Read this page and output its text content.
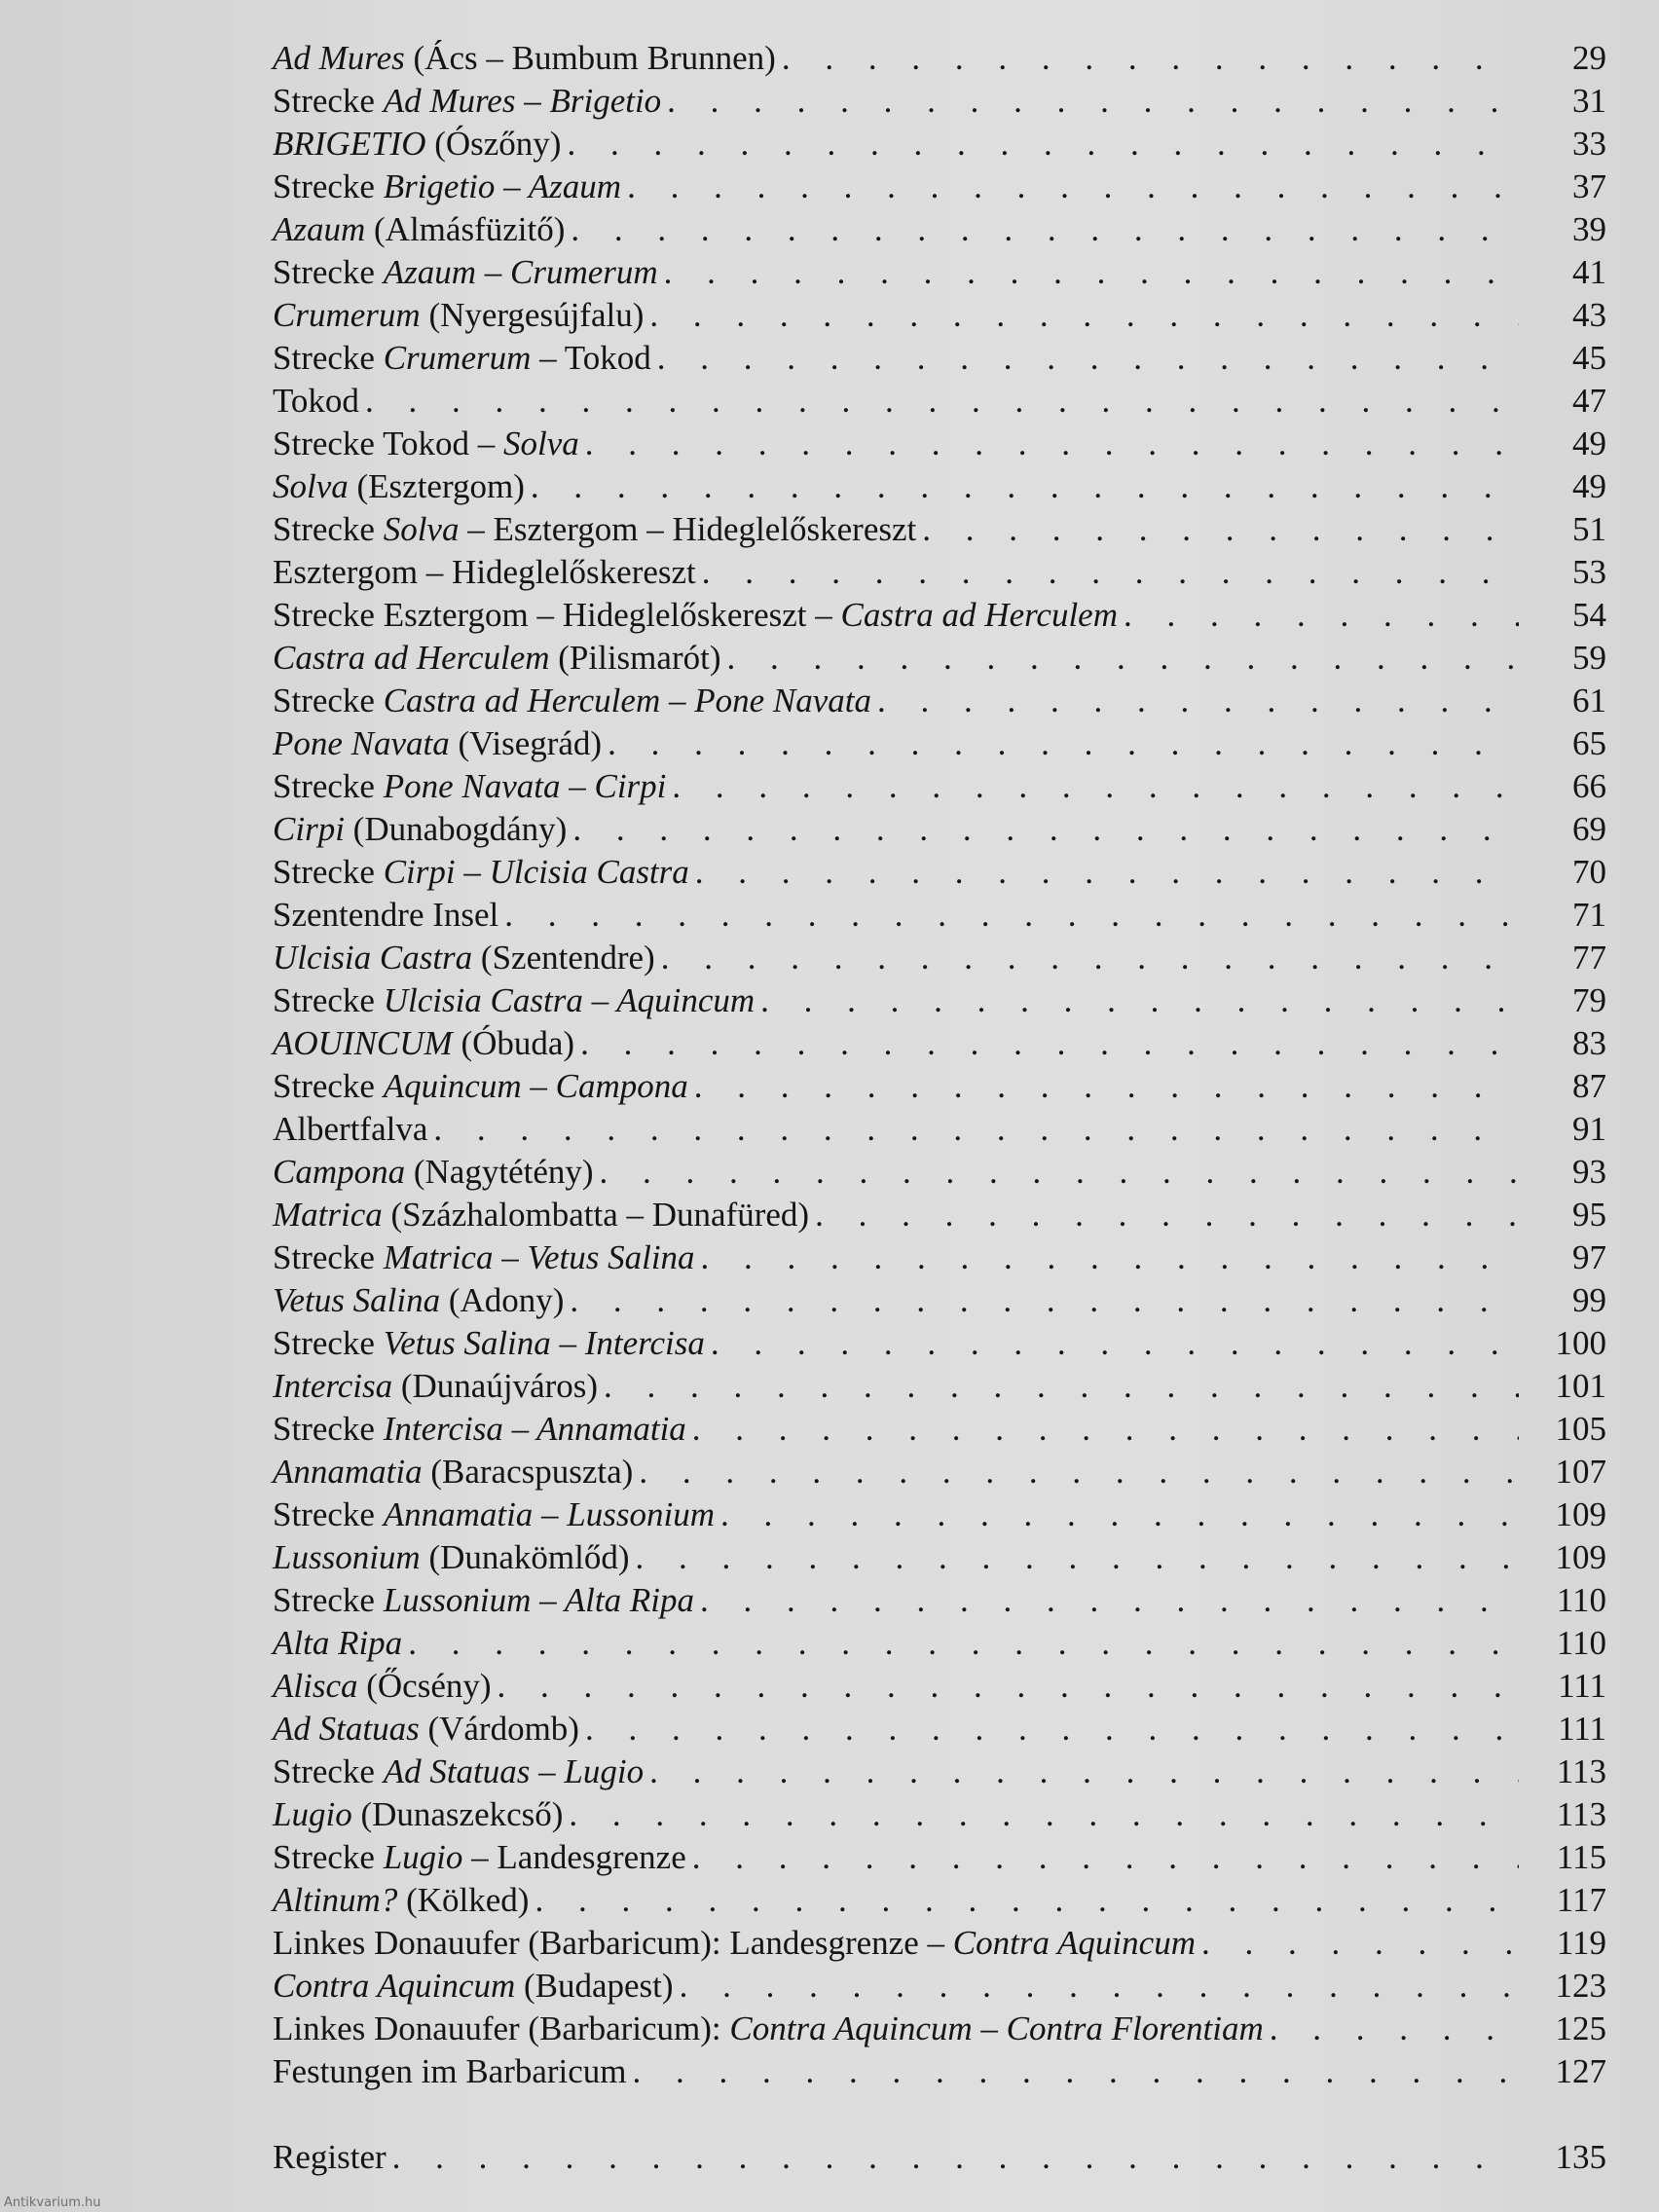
Ad Mures (Ács – Bumbum Brunnen) . . .	29
Strecke Ad Mures – Brigetio . . .	31
BRIGETIO (Ószőny) . . .	33
Strecke Brigetio – Azaum . . .	37
Azaum (Almásfüzitő) . . .	39
Strecke Azaum – Crumerum . . .	41
Crumerum (Nyergesújfalu) . . .	43
Strecke Crumerum – Tokod . . .	45
Tokod . . .	47
Strecke Tokod – Solva . . .	49
Solva (Esztergom) . . .	49
Strecke Solva – Esztergom – Hideglelőskereszt . . .	51
Esztergom – Hideglelőskereszt . . .	53
Strecke Esztergom – Hideglelőskereszt – Castra ad Herculem . . .	54
Castra ad Herculem (Pilismarót) . . .	59
Strecke Castra ad Herculem – Pone Navata . . .	61
Pone Navata (Visegrád) . . .	65
Strecke Pone Navata – Cirpi . . .	66
Cirpi (Dunabogdány) . . .	69
Strecke Cirpi – Ulcisia Castra . . .	70
Szentendre Insel . . .	71
Ulcisia Castra (Szentendre) . . .	77
Strecke Ulcisia Castra – Aquincum . . .	79
AOUINCUM (Óbuda) . . .	83
Strecke Aquincum – Campona . . .	87
Albertfalva . . .	91
Campona (Nagytétény) . . .	93
Matrica (Százhalombatta – Dunafüred) . . .	95
Strecke Matrica – Vetus Salina . . .	97
Vetus Salina (Adony) . . .	99
Strecke Vetus Salina – Intercisa . . .	100
Intercisa (Dunaújváros) . . .	101
Strecke Intercisa – Annamatia . . .	105
Annamatia (Baracspuszta) . . .	107
Strecke Annamatia – Lussonium . . .	109
Lussonium (Dunakömlőd) . . .	109
Strecke Lussonium – Alta Ripa . . .	110
Alta Ripa . . .	110
Alisca (Őcsény) . . .	111
Ad Statuas (Várdomb) . . .	111
Strecke Ad Statuas – Lugio . . .	113
Lugio (Dunaszekcső) . . .	113
Strecke Lugio – Landesgrenze . . .	115
Altinum? (Kölked) . . .	117
Linkes Donauufer (Barbaricum): Landesgrenze – Contra Aquincum . . .	119
Contra Aquincum (Budapest) . . .	123
Linkes Donauufer (Barbaricum): Contra Aquincum – Contra Florentiam . . .	125
Festungen im Barbaricum . . .	127
Register . . .	135
Antikvarium.hu
